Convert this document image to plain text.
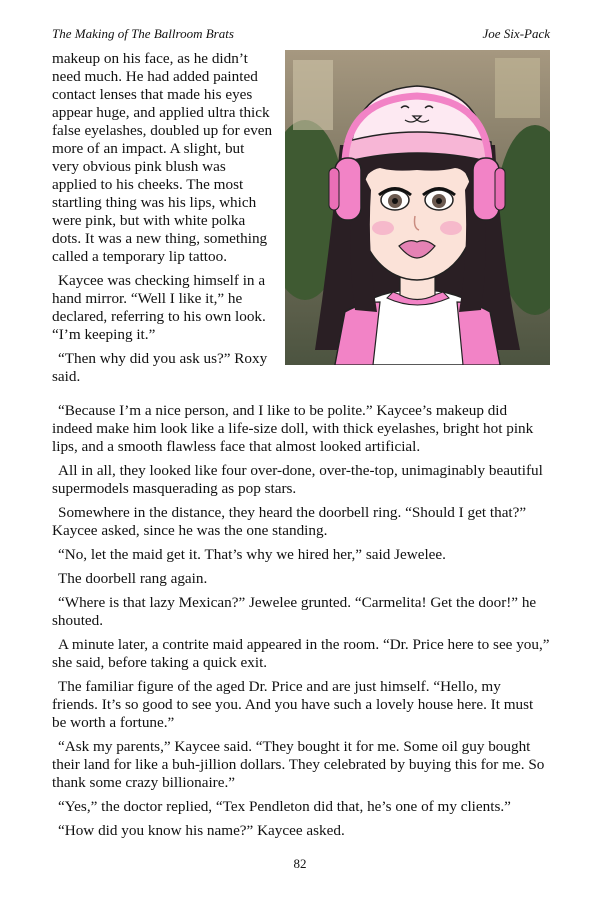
The Making of The Ballroom Brats	Joe Six-Pack

makeup on his face, as he didn’t need much. He had added painted contact lenses that made his eyes appear huge, and applied ultra thick false eyelashes, doubled up for even more of an impact. A slight, but very obvious pink blush was applied to his cheeks. The most startling thing was his lips, which were pink, but with white polka dots. It was a new thing, something called a temporary lip tattoo.

Kaycee was checking himself in a hand mirror. “Well I like it,” he declared, referring to his own look. “I’m keeping it.”

“Then why did you ask us?” Roxy said.

“Because I’m a nice person, and I like to be polite.” Kaycee’s makeup did indeed make him look like a life-size doll, with thick eyelashes, bright hot pink lips, and a smooth flawless face that almost looked artificial.

All in all, they looked like four over-done, over-the-top, unimaginably beautiful supermodels masquerading as pop stars.

Somewhere in the distance, they heard the doorbell ring. “Should I get that?” Kaycee asked, since he was the one standing.

“No, let the maid get it. That’s why we hired her,” said Jewelee.

The doorbell rang again.

“Where is that lazy Mexican?” Jewelee grunted. “Carmelita! Get the door!” he shouted.

A minute later, a contrite maid appeared in the room. “Dr. Price here to see you,” she said, before taking a quick exit.

The familiar figure of the aged Dr. Price and are just himself. “Hello, my friends. It’s so good to see you. And you have such a lovely house here. It must be worth a fortune.”

“Ask my parents,” Kaycee said. “They bought it for me. Some oil guy bought their land for like a buh-jillion dollars. They celebrated by buying this for me. So thank some crazy billionaire.”

“Yes,” the doctor replied, “Tex Pendleton did that, he’s one of my clients.”

“How did you know his name?” Kaycee asked.

82
